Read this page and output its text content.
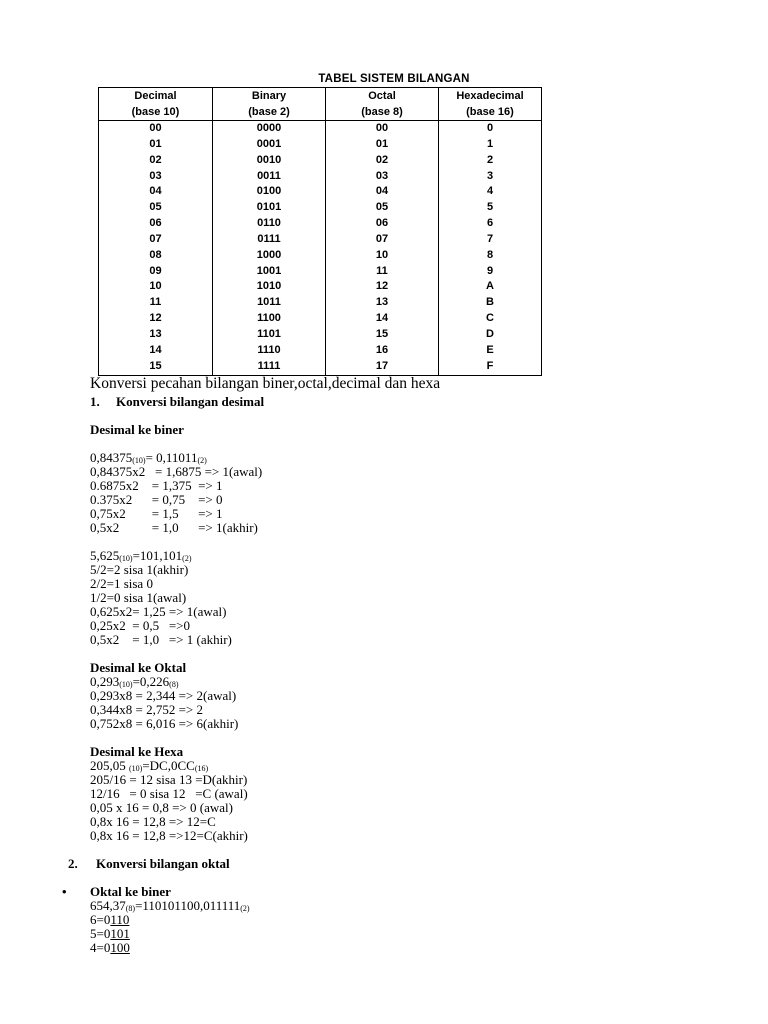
TABEL SISTEM BILANGAN
Decimal	Binary	Octal	Hexadecimal
(base 10)	(base 2)	(base 8)	(base 16)
00	0000	00	0
01	0001	01	1
02	0010	02	2
03	0011	03	3
04	0100	04	4
05	0101	05	5
06	0110	06	6
07	0111	07	7
08	1000	10	8
09	1001	11	9
10	1010	12	A
11	1011	13	B
12	1100	14	C
13	1101	15	D
14	1110	16	E
15	1111	17	F
Konversi pecahan bilangan biner,octal,decimal dan hexa
1. Konversi bilangan desimal
Desimal ke biner
$0,84375_{(10)}= 0,11011_{(2)}$
0,84375x2   = 1,6875 => 1(awal)
0.6875x2    = 1,375  => 1
0.375x2      = 0,75    => 0
0,75x2        = 1,5      => 1
0,5x2          = 1,0      => 1(akhir)
$5,625_{(10)}=101,101_{(2)}$
5/2=2 sisa 1(akhir)
2/2=1 sisa 0
1/2=0 sisa 1(awal)
0,625x2= 1,25 => 1(awal)
0,25x2  = 0,5   =>0
0,5x2    = 1,0   => 1 (akhir)
Desimal ke Oktal
$0,293_{(10)}=0,226_{(8)}$
0,293x8 = 2,344 => 2(awal)
0,344x8 = 2,752 => 2
0,752x8 = 6,016 => 6(akhir)
Desimal ke Hexa
205,05 $_{(10)}=DC,0CC_{(16)}$
205/16 = 12 sisa 13 =D(akhir)
12/16   = 0 sisa 12   =C (awal)
0,05 x 16 = 0,8 => 0 (awal)
0,8x 16 = 12,8 => 12=C
0,8x 16 = 12,8 =>12=C(akhir)
2. Konversi bilangan oktal
• Oktal ke biner
$654,37_{(8)}=110101100,011111_{(2)}$
6=0110
5=0101
4=0100
